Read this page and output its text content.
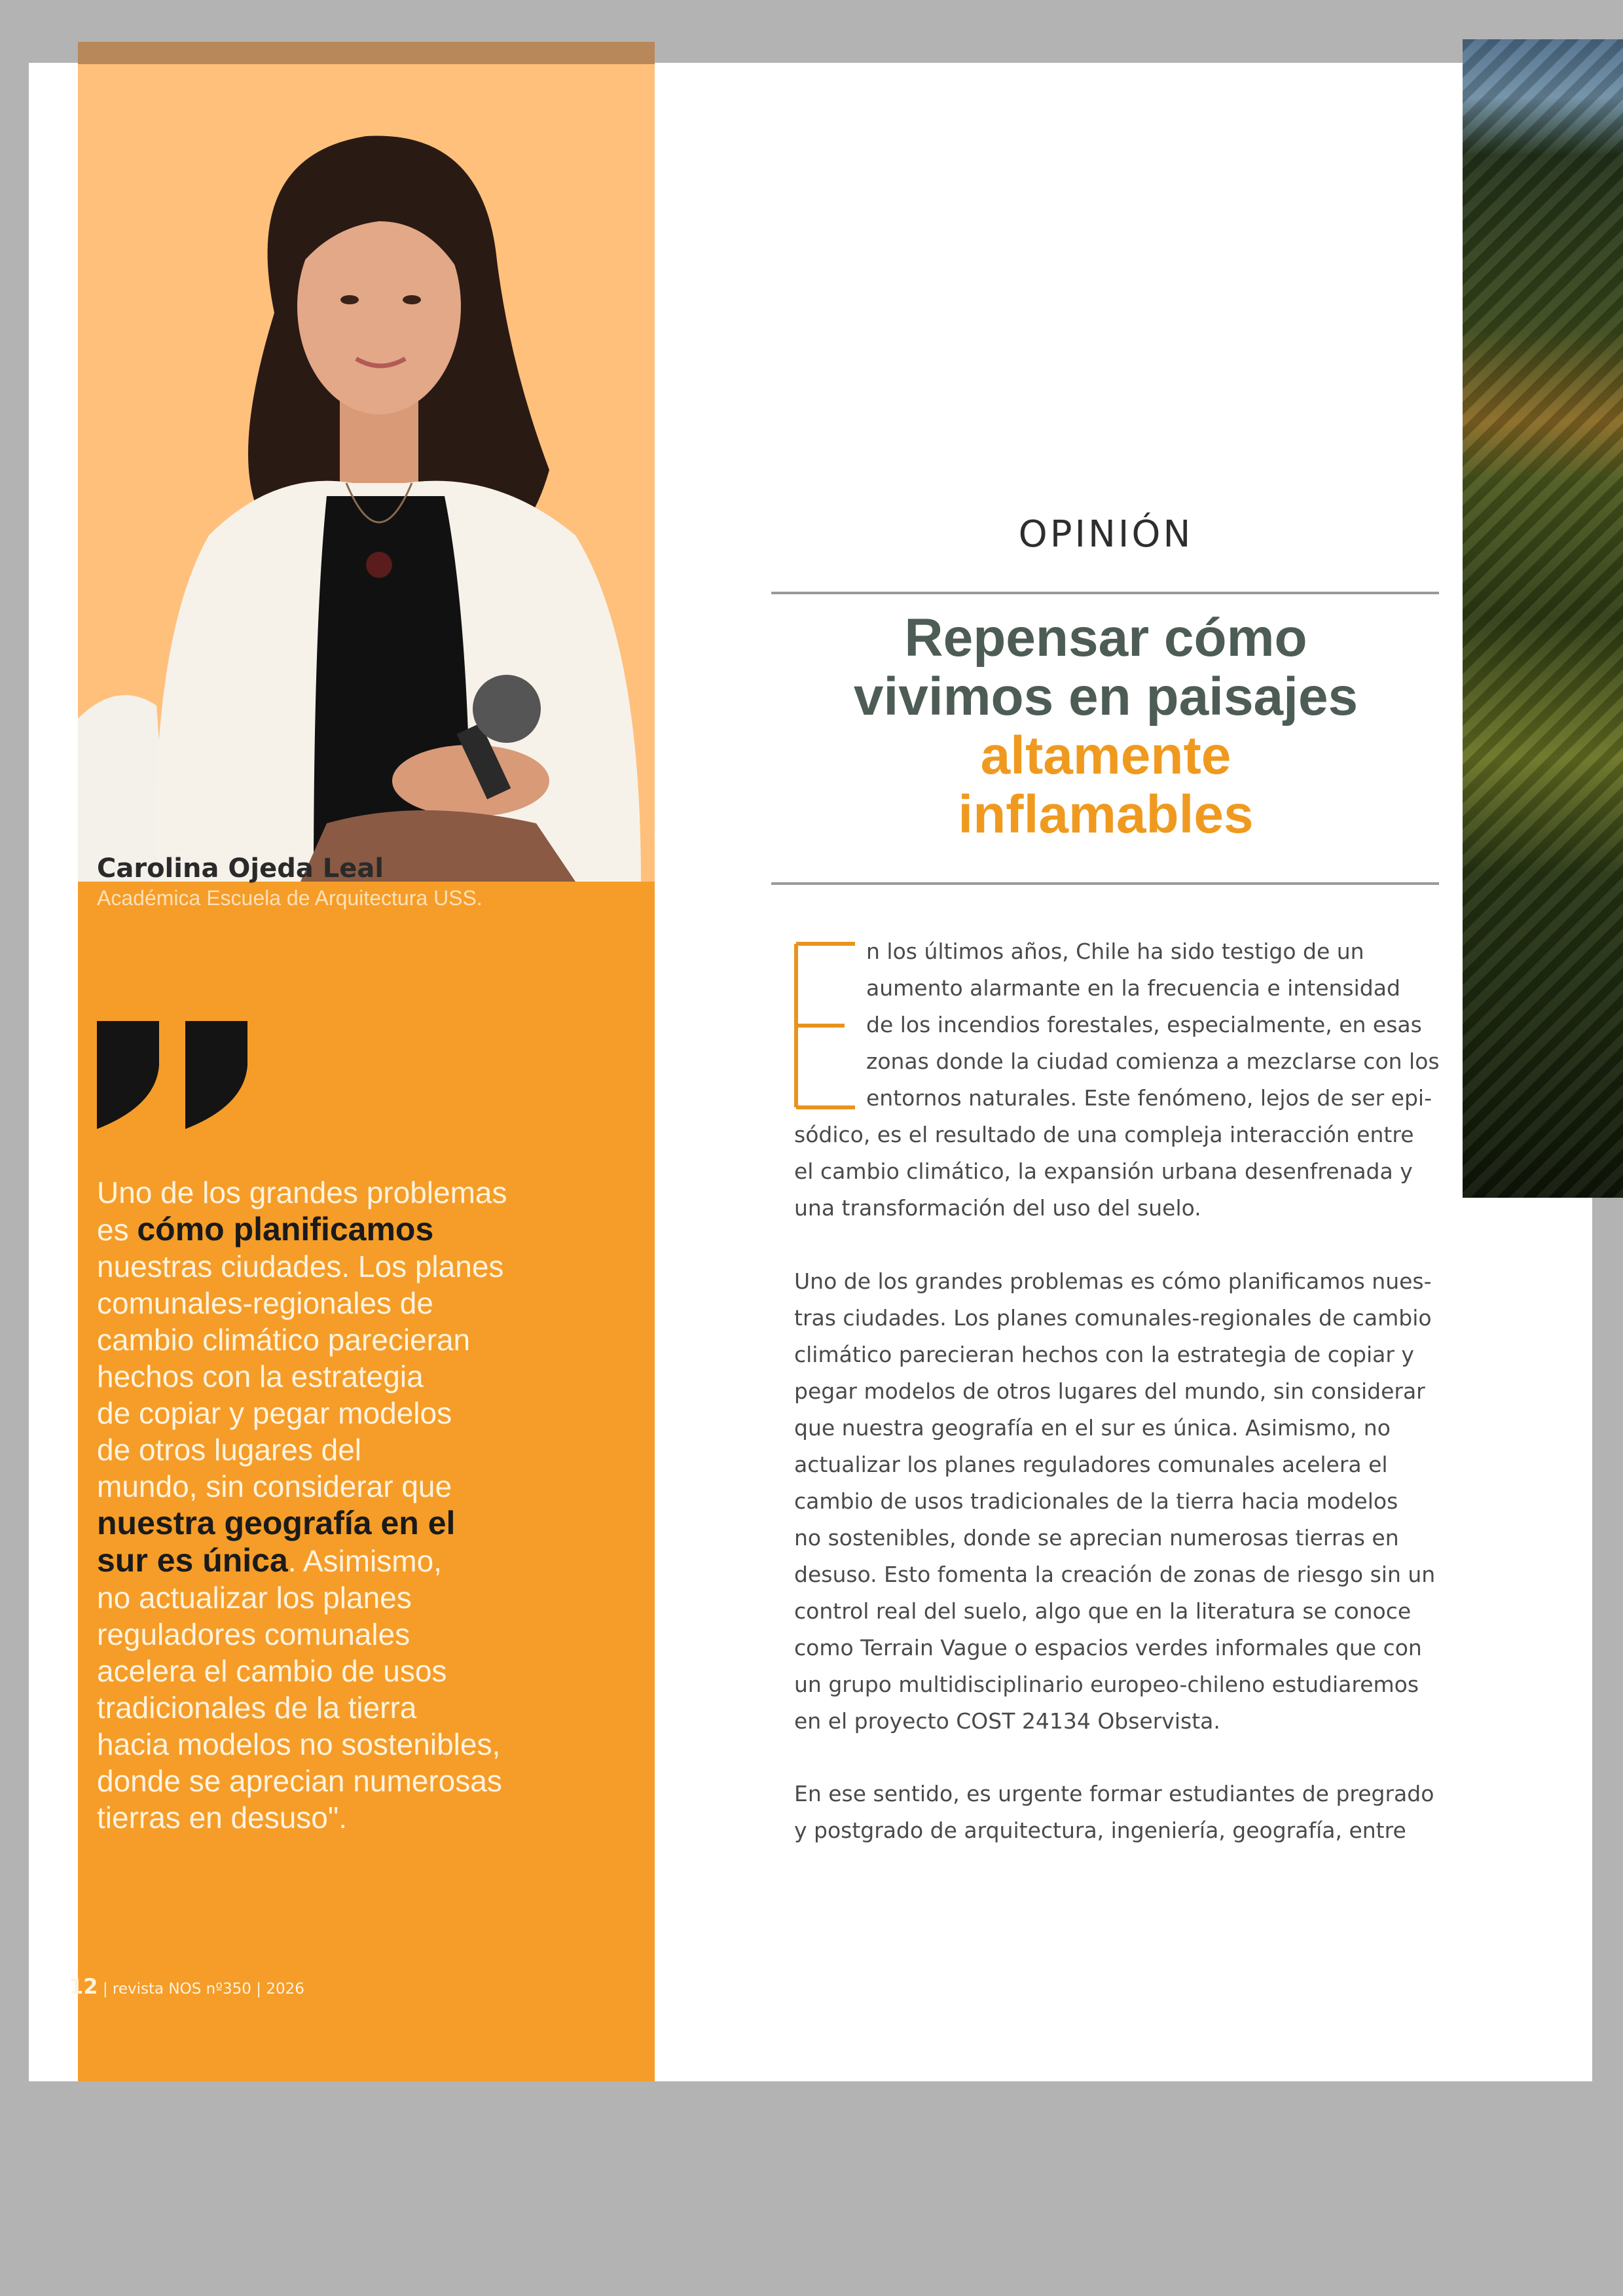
Carolina Ojeda Leal
Académica Escuela de Arquitectura USS.
Uno de los grandes problemas
es cómo planificamos
nuestras ciudades. Los planes
comunales-regionales de
cambio climático parecieran
hechos con la estrategia
de copiar y pegar modelos
de otros lugares del
mundo, sin considerar que
nuestra geografía en el
sur es única. Asimismo,
no actualizar los planes
reguladores comunales
acelera el cambio de usos
tradicionales de la tierra
hacia modelos no sostenibles,
donde se aprecian numerosas
tierras en desuso".
12 | revista NOS nº350 | 2026
OPINIÓN
Repensar cómo
vivimos en paisajes
altamente
inflamables
n los últimos años, Chile ha sido testigo de un
aumento alarmante en la frecuencia e intensidad
de los incendios forestales, especialmente, en esas
zonas donde la ciudad comienza a mezclarse con los
entornos naturales. Este fenómeno, lejos de ser epi-
sódico, es el resultado de una compleja interacción entre
el cambio climático, la expansión urbana desenfrenada y
una transformación del uso del suelo.
Uno de los grandes problemas es cómo planificamos nues-
tras ciudades. Los planes comunales-regionales de cambio
climático parecieran hechos con la estrategia de copiar y
pegar modelos de otros lugares del mundo, sin considerar
que nuestra geografía en el sur es única. Asimismo, no
actualizar los planes reguladores comunales acelera el
cambio de usos tradicionales de la tierra hacia modelos
no sostenibles, donde se aprecian numerosas tierras en
desuso. Esto fomenta la creación de zonas de riesgo sin un
control real del suelo, algo que en la literatura se conoce
como Terrain Vague o espacios verdes informales que con
un grupo multidisciplinario europeo-chileno estudiaremos
en el proyecto COST 24134 Observista.
En ese sentido, es urgente formar estudiantes de pregrado
y postgrado de arquitectura, ingeniería, geografía, entre
